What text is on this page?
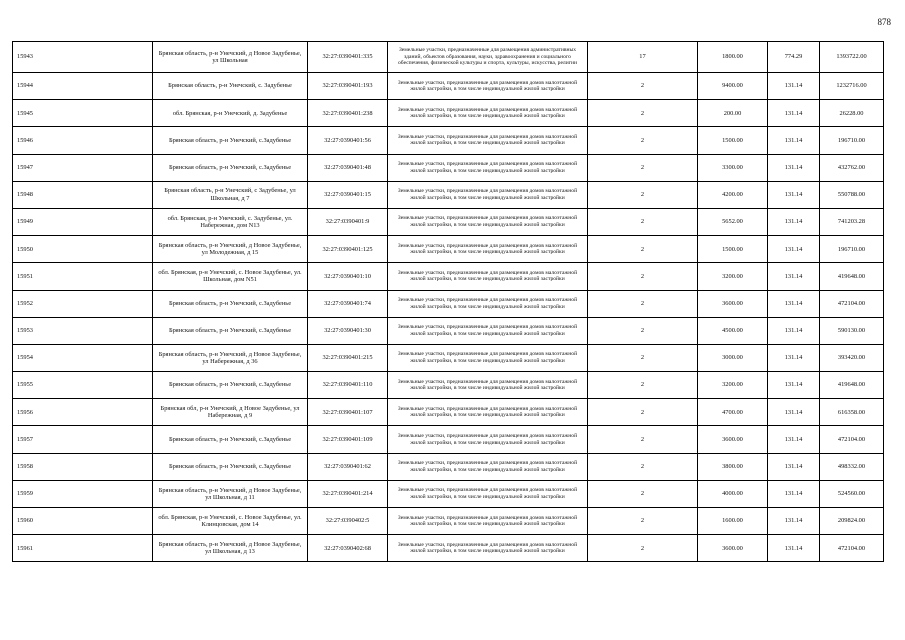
878
15943	Брянская область, р-н Унечский, д Новое Задубенье, ул Школьная	32:27:0390401:335	Земельные участки, предназначенные для размещения административных зданий, объектов образования, науки, здравоохранения и социального обеспечения, физической культуры и спорта, культуры, искусства, религии	17	1800.00	774.29	1393722.00
15944	Брянская область, р-н Унечский, с. Задубенье	32:27:0390401:193	Земельные участки, предназначенные для размещения домов малоэтажной жилой застройки, в том числе индивидуальной жилой застройки	2	9400.00	131.14	1232716.00
15945	обл. Брянская, р-н Унечский, д. Задубенье	32:27:0390401:238	Земельные участки, предназначенные для размещения домов малоэтажной жилой застройки, в том числе индивидуальной жилой застройки	2	200.00	131.14	26228.00
15946	Брянская область, р-н Унечский, с.Задубенье	32:27:0390401:56	Земельные участки, предназначенные для размещения домов малоэтажной жилой застройки, в том числе индивидуальной жилой застройки	2	1500.00	131.14	196710.00
15947	Брянская область, р-н Унечский, с.Задубенье	32:27:0390401:48	Земельные участки, предназначенные для размещения домов малоэтажной жилой застройки, в том числе индивидуальной жилой застройки	2	3300.00	131.14	432762.00
15948	Брянская область, р-н Унечский, с Задубенье, ул Школьная, д 7	32:27:0390401:15	Земельные участки, предназначенные для размещения домов малоэтажной жилой застройки, в том числе индивидуальной жилой застройки	2	4200.00	131.14	550788.00
15949	обл. Брянская, р-н Унечский, с. Задубенье, ул. Набережная, дом N13	32:27:0390401:9	Земельные участки, предназначенные для размещения домов малоэтажной жилой застройки, в том числе индивидуальной жилой застройки	2	5652.00	131.14	741203.28
15950	Брянская область, р-н Унечский, д Новое Задубенье, ул Молодежная, д 15	32:27:0390401:125	Земельные участки, предназначенные для размещения домов малоэтажной жилой застройки, в том числе индивидуальной жилой застройки	2	1500.00	131.14	196710.00
15951	обл. Брянская, р-н Унечский, с. Новое Задубенье, ул. Школьная, дом N51	32:27:0390401:10	Земельные участки, предназначенные для размещения домов малоэтажной жилой застройки, в том числе индивидуальной жилой застройки	2	3200.00	131.14	419648.00
15952	Брянская область, р-н Унечский, с.Задубенье	32:27:0390401:74	Земельные участки, предназначенные для размещения домов малоэтажной жилой застройки, в том числе индивидуальной жилой застройки	2	3600.00	131.14	472104.00
15953	Брянская область, р-н Унечский, с.Задубенье	32:27:0390401:30	Земельные участки, предназначенные для размещения домов малоэтажной жилой застройки, в том числе индивидуальной жилой застройки	2	4500.00	131.14	590130.00
15954	Брянская область, р-н Унечский, д Новое Задубенье, ул Набережная, д 36	32:27:0390401:215	Земельные участки, предназначенные для размещения домов малоэтажной жилой застройки, в том числе индивидуальной жилой застройки	2	3000.00	131.14	393420.00
15955	Брянская область, р-н Унечский, с.Задубенье	32:27:0390401:110	Земельные участки, предназначенные для размещения домов малоэтажной жилой застройки, в том числе индивидуальной жилой застройки	2	3200.00	131.14	419648.00
15956	Брянская обл, р-н Унечский, д Новое Задубенье, ул Набережная, д 9	32:27:0390401:107	Земельные участки, предназначенные для размещения домов малоэтажной жилой застройки, в том числе индивидуальной жилой застройки	2	4700.00	131.14	616358.00
15957	Брянская область, р-н Унечский, с.Задубенье	32:27:0390401:109	Земельные участки, предназначенные для размещения домов малоэтажной жилой застройки, в том числе индивидуальной жилой застройки	2	3600.00	131.14	472104.00
15958	Брянская область, р-н Унечский, с.Задубенье	32:27:0390401:62	Земельные участки, предназначенные для размещения домов малоэтажной жилой застройки, в том числе индивидуальной жилой застройки	2	3800.00	131.14	498332.00
15959	Брянская область, р-н Унечский, д Новое Задубенье, ул Школьная, д 11	32:27:0390401:214	Земельные участки, предназначенные для размещения домов малоэтажной жилой застройки, в том числе индивидуальной жилой застройки	2	4000.00	131.14	524560.00
15960	обл. Брянская, р-н Унечский, с. Новое Задубенье, ул. Клинцовская, дом 14	32:27:0390402:5	Земельные участки, предназначенные для размещения домов малоэтажной жилой застройки, в том числе индивидуальной жилой застройки	2	1600.00	131.14	209824.00
15961	Брянская область, р-н Унечский, д Новое Задубенье, ул Школьная, д 13	32:27:0390402:68	Земельные участки, предназначенные для размещения домов малоэтажной жилой застройки, в том числе индивидуальной жилой застройки	2	3600.00	131.14	472104.00
